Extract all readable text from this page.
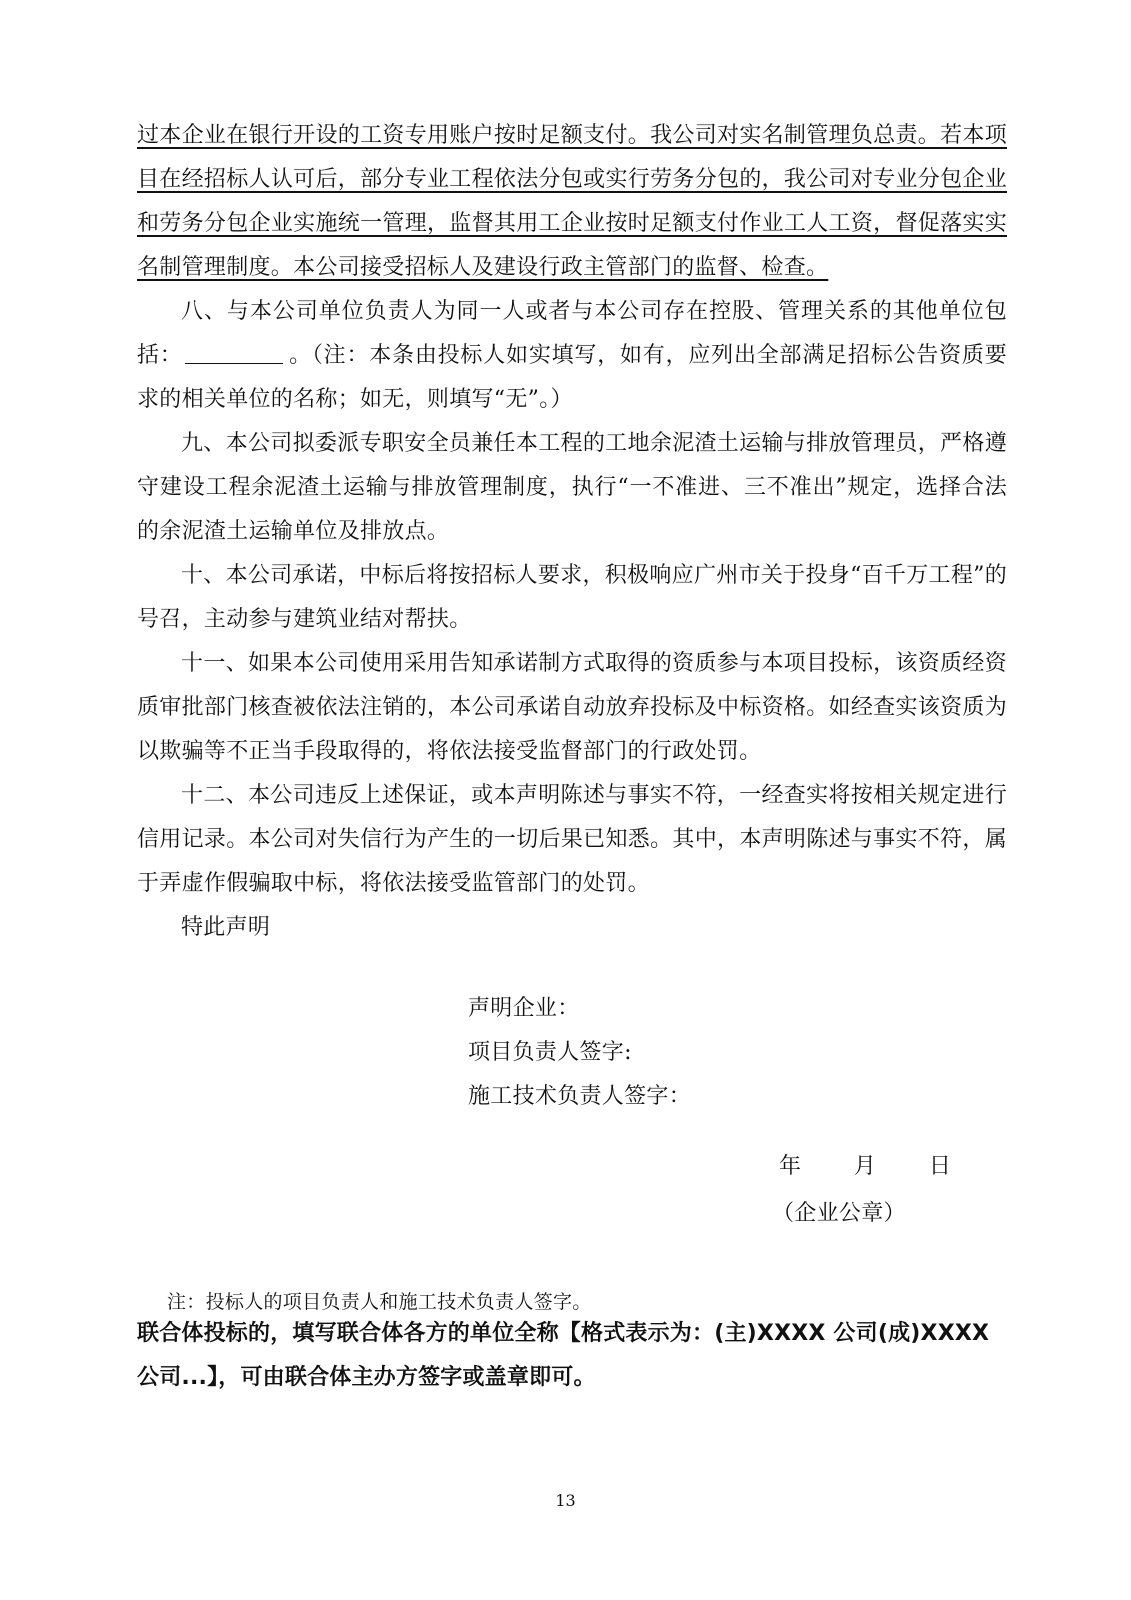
过本企业在银行开设的工资专用账户按时足额支付。我公司对实名制管理负总责。若本项目在经招标人认可后，部分专业工程依法分包或实行劳务分包的，我公司对专业分包企业和劳务分包企业实施统一管理，监督其用工企业按时足额支付作业工人工资，督促落实实名制管理制度。本公司接受招标人及建设行政主管部门的监督、检查。

八、与本公司单位负责人为同一人或者与本公司存在控股、管理关系的其他单位包括：	。（注：本条由投标人如实填写，如有，应列出全部满足招标公告资质要求的相关单位的名称；如无，则填写“无”。）

九、本公司拟委派专职安全员兼任本工程的工地余泥渣土运输与排放管理员，严格遵守建设工程余泥渣土运输与排放管理制度，执行“一不准进、三不准出”规定，选择合法的余泥渣土运输单位及排放点。

十、本公司承诺，中标后将按招标人要求，积极响应广州市关于投身“百千万工程”的号召，主动参与建筑业结对帮扶。

十一、如果本公司使用采用告知承诺制方式取得的资质参与本项目投标，该资质经资质审批部门核查被依法注销的，本公司承诺自动放弃投标及中标资格。如经查实该资质为以欺骗等不正当手段取得的，将依法接受监督部门的行政处罚。

十二、本公司违反上述保证，或本声明陈述与事实不符，一经查实将按相关规定进行信用记录。本公司对失信行为产生的一切后果已知悉。其中，本声明陈述与事实不符，属于弄虚作假骗取中标，将依法接受监管部门的处罚。

特此声明

声明企业：
项目负责人签字:
施工技术负责人签字：
年 月 日
（企业公章）
注：投标人的项目负责人和施工技术负责人签字。
联合体投标的，填写联合体各方的单位全称【格式表示为：(主)XXXX 公司(成)XXXX 公司...】，可由联合体主办方签字或盖章即可。
13
